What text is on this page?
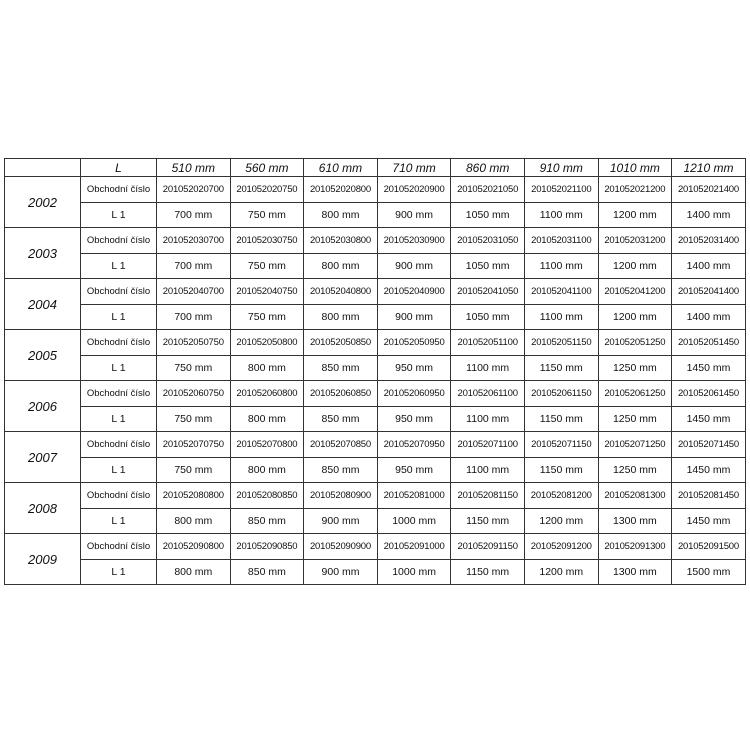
	L	510 mm	560 mm	610 mm	710 mm	860 mm	910 mm	1010 mm	1210 mm
2002	Obchodní číslo	201052020700	201052020750	201052020800	201052020900	201052021050	201052021100	201052021200	201052021400
	L 1	700 mm	750 mm	800 mm	900 mm	1050 mm	1100 mm	1200 mm	1400 mm
2003	Obchodní číslo	201052030700	201052030750	201052030800	201052030900	201052031050	201052031100	201052031200	201052031400
	L 1	700 mm	750 mm	800 mm	900 mm	1050 mm	1100 mm	1200 mm	1400 mm
2004	Obchodní číslo	201052040700	201052040750	201052040800	201052040900	201052041050	201052041100	201052041200	201052041400
	L 1	700 mm	750 mm	800 mm	900 mm	1050 mm	1100 mm	1200 mm	1400 mm
2005	Obchodní číslo	201052050750	201052050800	201052050850	201052050950	201052051100	201052051150	201052051250	201052051450
	L 1	750 mm	800 mm	850 mm	950 mm	1100 mm	1150 mm	1250 mm	1450 mm
2006	Obchodní číslo	201052060750	201052060800	201052060850	201052060950	201052061100	201052061150	201052061250	201052061450
	L 1	750 mm	800 mm	850 mm	950 mm	1100 mm	1150 mm	1250 mm	1450 mm
2007	Obchodní číslo	201052070750	201052070800	201052070850	201052070950	201052071100	201052071150	201052071250	201052071450
	L 1	750 mm	800 mm	850 mm	950 mm	1100 mm	1150 mm	1250 mm	1450 mm
2008	Obchodní číslo	201052080800	201052080850	201052080900	201052081000	201052081150	201052081200	201052081300	201052081450
	L 1	800 mm	850 mm	900 mm	1000 mm	1150 mm	1200 mm	1300 mm	1450 mm
2009	Obchodní číslo	201052090800	201052090850	201052090900	201052091000	201052091150	201052091200	201052091300	201052091500
	L 1	800 mm	850 mm	900 mm	1000 mm	1150 mm	1200 mm	1300 mm	1500 mm
